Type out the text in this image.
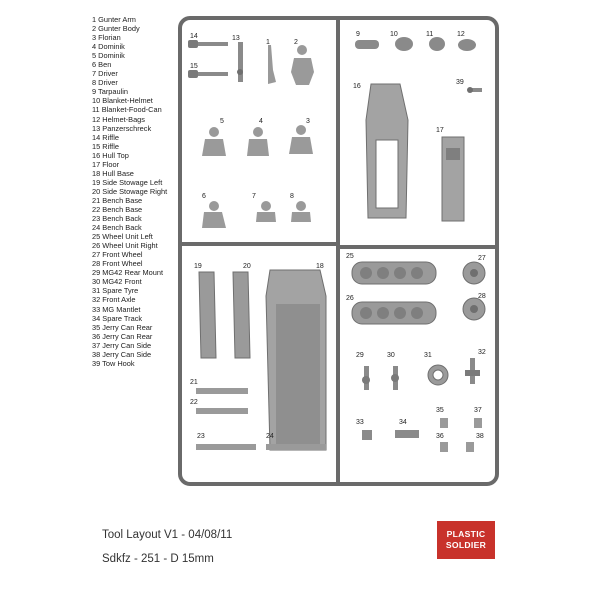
1 Gunter Arm
2 Gunter Body
3 Florian
4 Dominik
5 Dominik
6 Ben
7 Driver
8 Driver
9 Tarpaulin
10 Blanket-Helmet
11 Blanket-Food-Can
12 Helmet-Bags
13 Panzerschreck
14 Riffle
15 Riffle
16 Hull Top
17 Floor
18 Hull Base
19 Side Stowage Left
20 Side Stowage Right
21 Bench Base
22 Bench Base
23 Bench Back
24 Bench Back
25 Wheel Unit Left
26 Wheel Unit Right
27 Front Wheel
28 Front Wheel
29 MG42 Rear Mount
30 MG42 Front
31 Spare Tyre
32 Front Axle
33 MG Mantlet
34 Spare Track
35 Jerry Can Rear
36 Jerry Can Rear
37 Jerry Can Side
38 Jerry Can Side
39 Tow Hook
1	2
3
4
5
6	7	8
9	10	11	12
13
14
15
16
17
18
19	20
21
22
23	24
25
26
27
28
29	30	31	32
33	34
35
36
37
38
39
Tool Layout V1 - 04/08/11
Sdkfz - 251 - D 15mm
PLASTIC
SOLDIER
